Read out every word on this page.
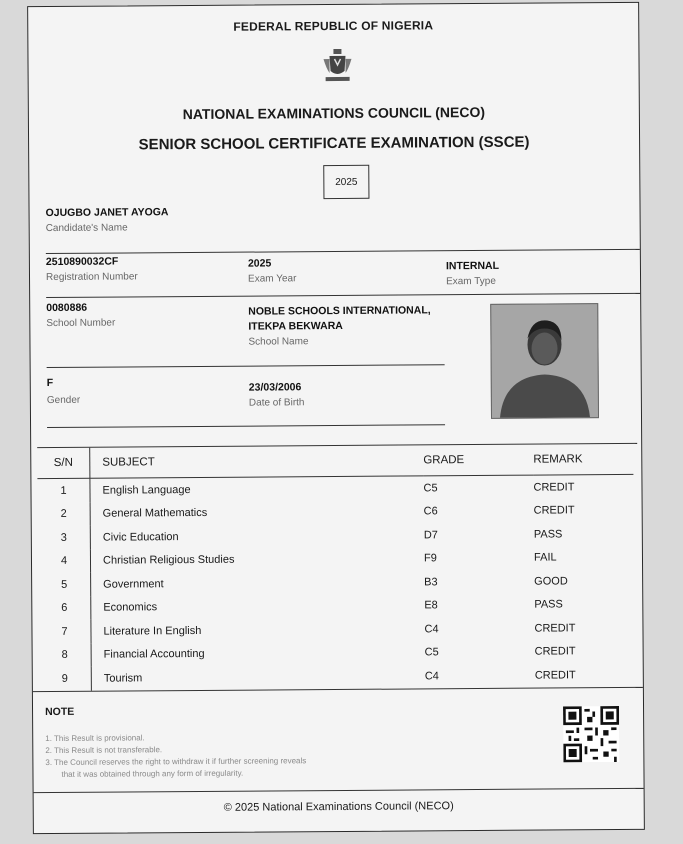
FEDERAL REPUBLIC OF NIGERIA
NATIONAL EXAMINATIONS COUNCIL (NECO)
SENIOR SCHOOL CERTIFICATE EXAMINATION (SSCE)
2025
OJUGBO JANET AYOGA
Candidate's Name
2510890032CF
Registration Number
2025
Exam Year
INTERNAL
Exam Type
0080886
School Number
NOBLE SCHOOLS INTERNATIONAL,
ITEKPA BEKWARA
School Name
F
Gender
23/03/2006
Date of Birth
S/N	SUBJECT	GRADE	REMARK
1	English Language	C5	CREDIT
2	General Mathematics	C6	CREDIT
3	Civic Education	D7	PASS
4	Christian Religious Studies	F9	FAIL
5	Government	B3	GOOD
6	Economics	E8	PASS
7	Literature In English	C4	CREDIT
8	Financial Accounting	C5	CREDIT
9	Tourism	C4	CREDIT
NOTE
1. This Result is provisional.
2. This Result is not transferable.
3. The Council reserves the right to withdraw it if further screening reveals
that it was obtained through any form of irregularity.
© 2025 National Examinations Council (NECO)
